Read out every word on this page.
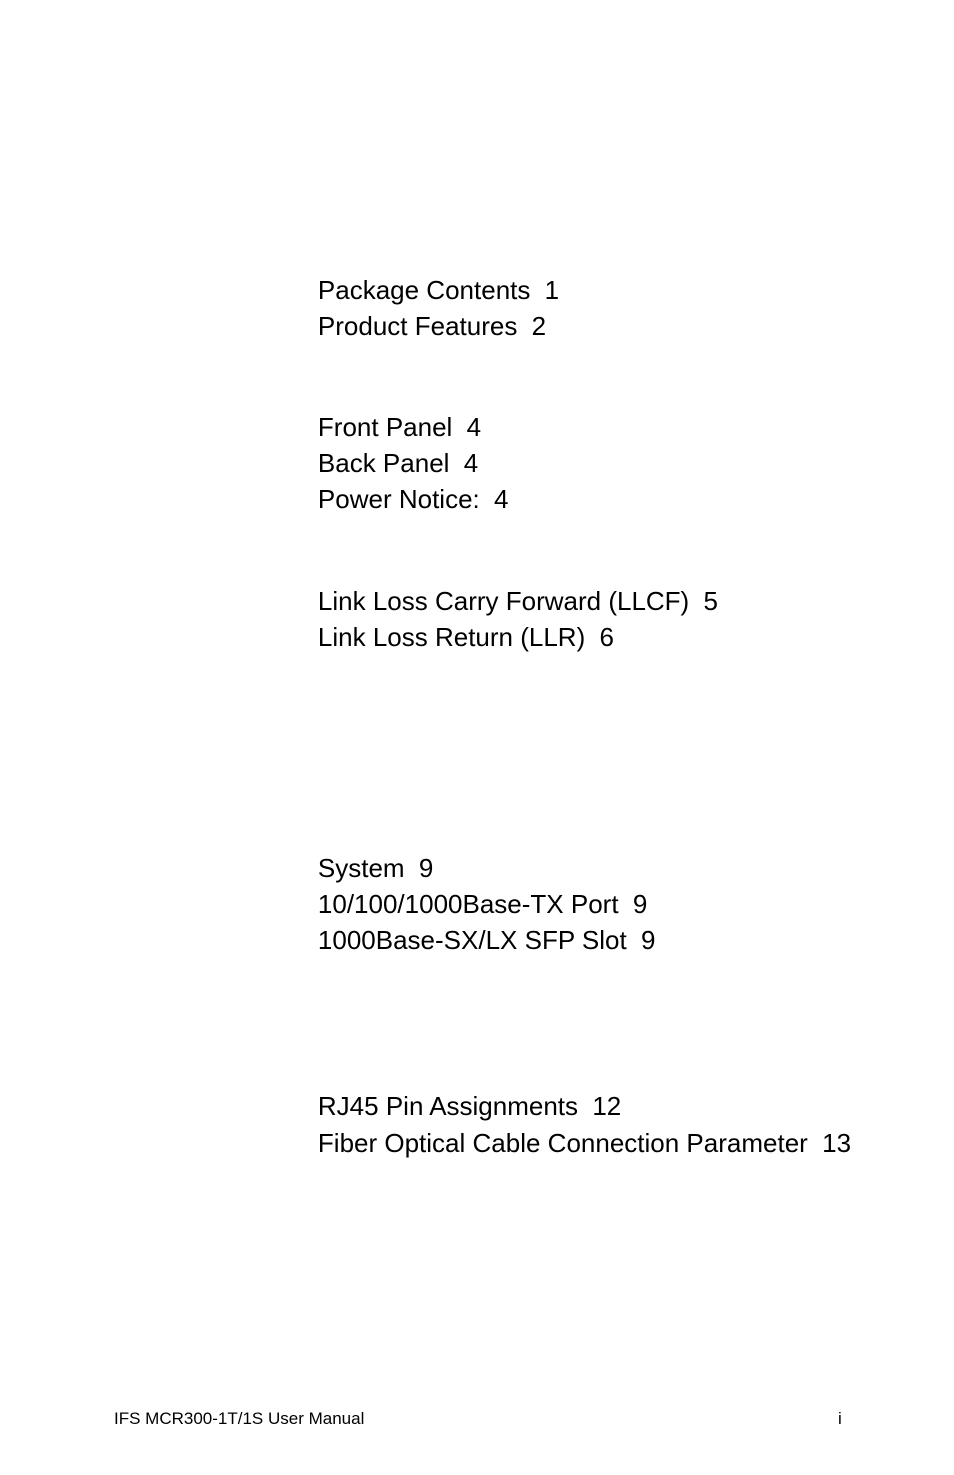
Package Contents 1

Product Features 2

Front Panel 4

Back Panel 4

Power Notice: 4

Link Loss Carry Forward (LLCF) 5

Link Loss Return (LLR) 6

System 9

10/100/1000Base-TX Port 9

1000Base-SX/LX SFP Slot 9

RJ45 Pin Assignments 12

Fiber Optical Cable Connection Parameter 13

IFS MCR300-1T/1S User Manual	i
